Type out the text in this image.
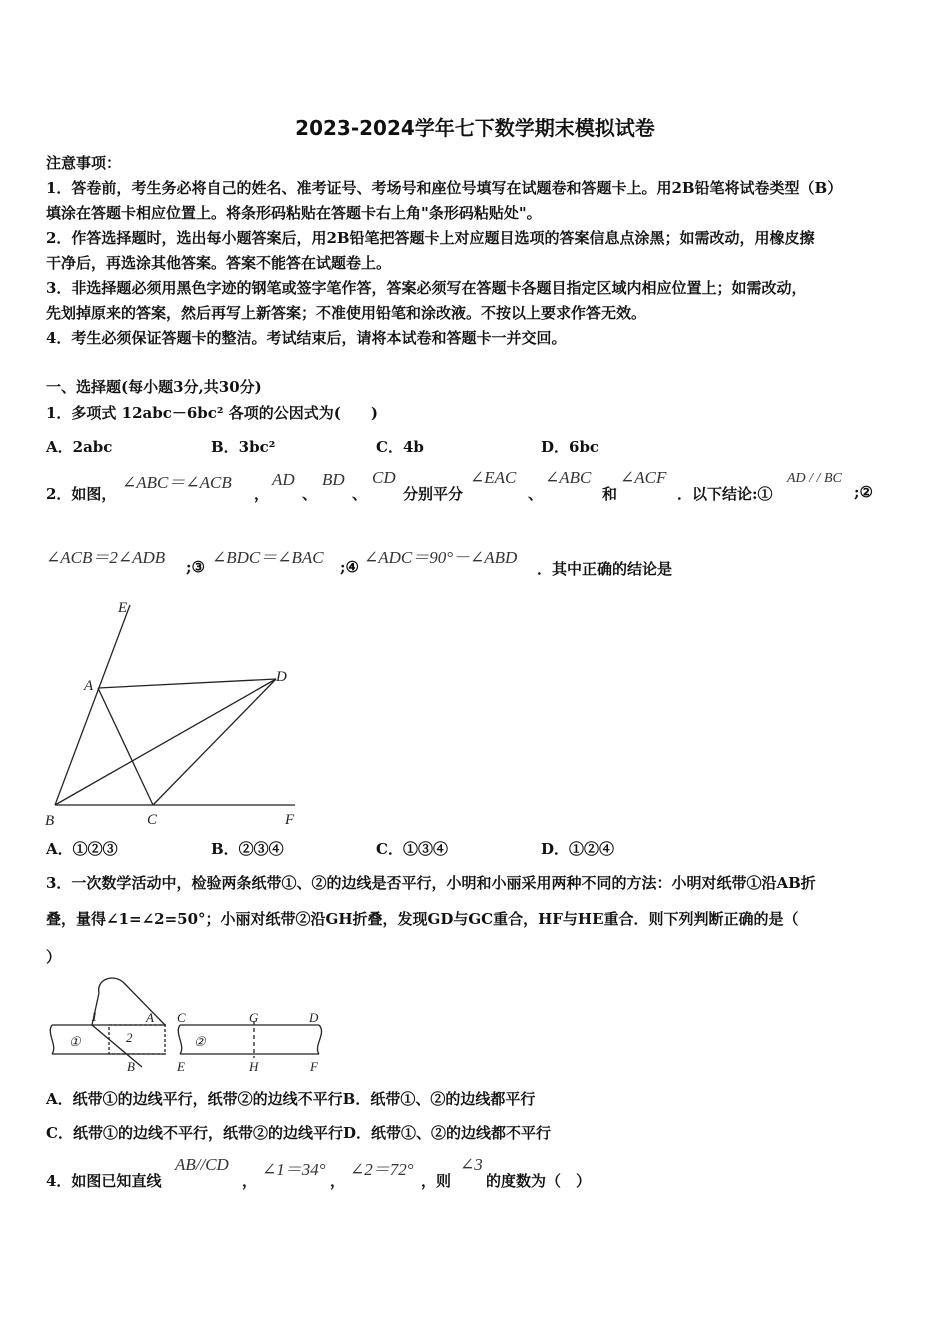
2023-2024学年七下数学期末模拟试卷
注意事项：
1．答卷前，考生务必将自己的姓名、准考证号、考场号和座位号填写在试题卷和答题卡上。用2B铅笔将试卷类型（B）
填涂在答题卡相应位置上。将条形码粘贴在答题卡右上角"条形码粘贴处"。
2．作答选择题时，选出每小题答案后，用2B铅笔把答题卡上对应题目选项的答案信息点涂黑；如需改动，用橡皮擦
干净后，再选涂其他答案。答案不能答在试题卷上。
3．非选择题必须用黑色字迹的钢笔或签字笔作答，答案必须写在答题卡各题目指定区域内相应位置上；如需改动，
先划掉原来的答案，然后再写上新答案；不准使用铅笔和涂改液。不按以上要求作答无效。
4．考生必须保证答题卡的整洁。考试结束后，请将本试卷和答题卡一并交回。
一、选择题(每小题3分,共30分)
1．多项式 12abc－6bc² 各项的公因式为(　　)
A．2abc	B．3bc²	C．4b	D．6bc
2．如图，
∠ABC＝∠ACB
，
AD
、
BD
、
CD
分别平分
∠EAC
、
∠ABC
和
∠ACF
．以下结论:①
AD / / BC
;②
∠ACB＝2∠ADB ;③ ∠BDC＝∠BAC ;④ ∠ADC＝90°－∠ABD
．其中正确的结论是
E
A
D
B	C	F
A．①②③	B．②③④	C．①③④	D．①②④
3．一次数学活动中，检验两条纸带①、②的边线是否平行，小明和小丽采用两种不同的方法：小明对纸带①沿AB折
叠，量得∠1=∠2=50°；小丽对纸带②沿GH折叠，发现GD与GC重合，HF与HE重合．则下列判断正确的是（
）
1	A
2
B
①
C	G	D
②
E	H	F
A．纸带①的边线平行，纸带②的边线不平行B．纸带①、②的边线都平行
C．纸带①的边线不平行，纸带②的边线平行D．纸带①、②的边线都不平行
4．如图已知直线
AB//CD
，
∠1＝34°
，
∠2＝72°
，则
∠3
的度数为（　）
